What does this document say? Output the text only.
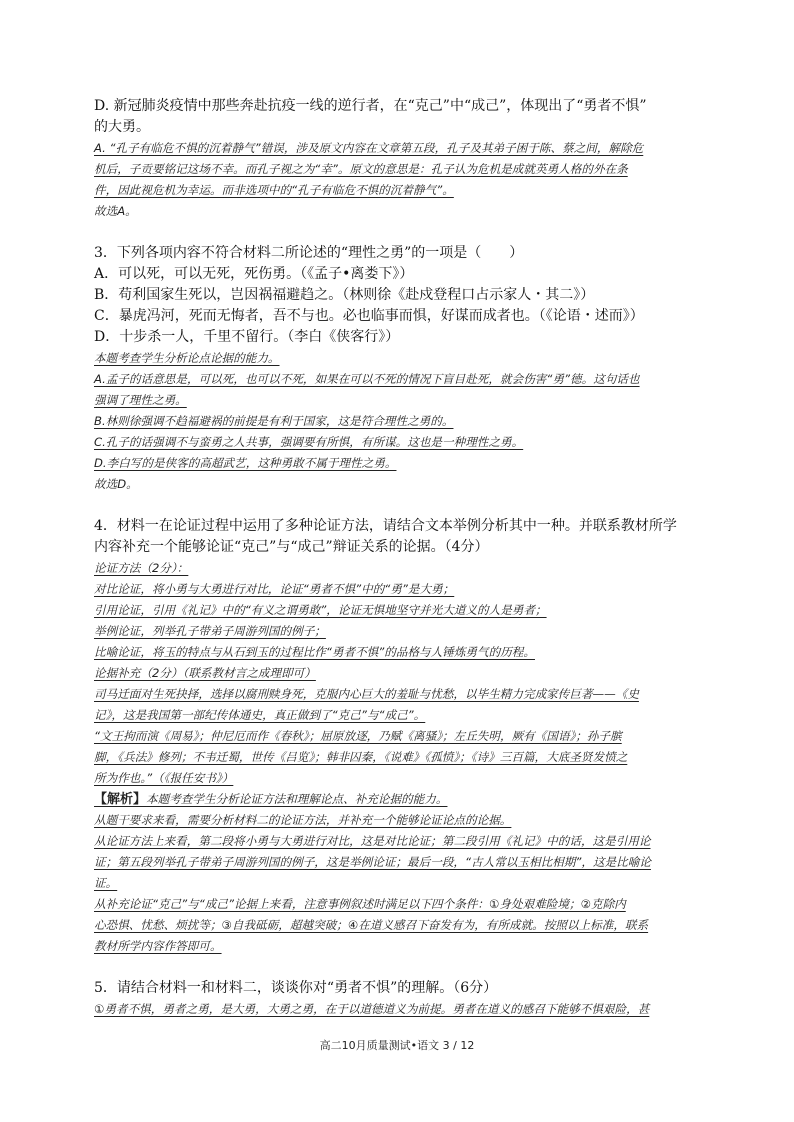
D. 新冠肺炎疫情中那些奔赴抗疫一线的逆行者，在“克己”中“成己”，体现出了“勇者不惧”

的大勇。

A. “孔子有临危不惧的沉着静气”错误，涉及原文内容在文章第五段，孔子及其弟子困于陈、蔡之间，解除危

机后，子贡要铭记这场不幸。而孔子视之为“幸”。原文的意思是：孔子认为危机是成就英勇人格的外在条

件，因此视危机为幸运。而非选项中的“孔子有临危不惧的沉着静气”。

故选A。

3．下列各项内容不符合材料二所论述的“理性之勇”的一项是（　　）

A．可以死，可以无死，死伤勇。（《孟子•离娄下》）

B．苟利国家生死以，岂因祸福避趋之。（林则徐《赴戍登程口占示家人・其二》）

C．暴虎冯河，死而无悔者，吾不与也。必也临事而惧，好谋而成者也。（《论语・述而》）

D．十步杀一人，千里不留行。（李白《侠客行》）

本题考查学生分析论点论据的能力。

A.孟子的话意思是，可以死，也可以不死，如果在可以不死的情况下盲目赴死，就会伤害“勇”德。这句话也

强调了理性之勇。

B.林则徐强调不趋福避祸的前提是有利于国家，这是符合理性之勇的。

C.孔子的话强调不与蛮勇之人共事，强调要有所惧，有所谋。这也是一种理性之勇。

D.李白写的是侠客的高超武艺，这种勇敢不属于理性之勇。

故选D。

4．材料一在论证过程中运用了多种论证方法，请结合文本举例分析其中一种。并联系教材所学

内容补充一个能够论证“克己”与“成己”辩证关系的论据。（4分）

论证方法（2分）：

对比论证，将小勇与大勇进行对比，论证“勇者不惧”中的“勇”是大勇；

引用论证，引用《礼记》中的“有义之谓勇敢”，论证无惧地坚守并光大道义的人是勇者；

举例论证，列举孔子带弟子周游列国的例子；

比喻论证，将玉的特点与从石到玉的过程比作“勇者不惧”的品格与人锤炼勇气的历程。

论据补充（2分）（联系教材言之成理即可）

司马迁面对生死抉择，选择以腐刑赎身死，克服内心巨大的羞耻与忧愁，以毕生精力完成家传巨著——《史

记》，这是我国第一部纪传体通史，真正做到了“克己”与“成己”。

“文王拘而演《周易》；仲尼厄而作《春秋》；屈原放逐，乃赋《离骚》；左丘失明，厥有《国语》；孙子膑

脚，《兵法》修列；不韦迁蜀，世传《吕览》；韩非囚秦，《说难》《孤愤》；《诗》三百篇，大底圣贤发愤之

所为作也。”（《报任安书》）

【解析】本题考查学生分析论证方法和理解论点、补充论据的能力。

从题干要求来看，需要分析材料二的论证方法，并补充一个能够论证论点的论据。

从论证方法上来看，第二段将小勇与大勇进行对比，这是对比论证；第二段引用《礼记》中的话，这是引用论

证；第五段列举孔子带弟子周游列国的例子，这是举例论证；最后一段，“古人常以玉相比相期”，这是比喻论

证。

从补充论证“克己”与“成己”论据上来看，注意事例叙述时满足以下四个条件：①身处艰难险境；②克除内

心恐惧、忧愁、烦扰等；③自我砥砺，超越突破；④在道义感召下奋发有为，有所成就。按照以上标准，联系

教材所学内容作答即可。

5．请结合材料一和材料二，谈谈你对“勇者不惧”的理解。（6分）

①勇者不惧，勇者之勇，是大勇，大勇之勇，在于以道德道义为前提。勇者在道义的感召下能够不惧艰险，甚

高二10月质量测试•语文 3 / 12
